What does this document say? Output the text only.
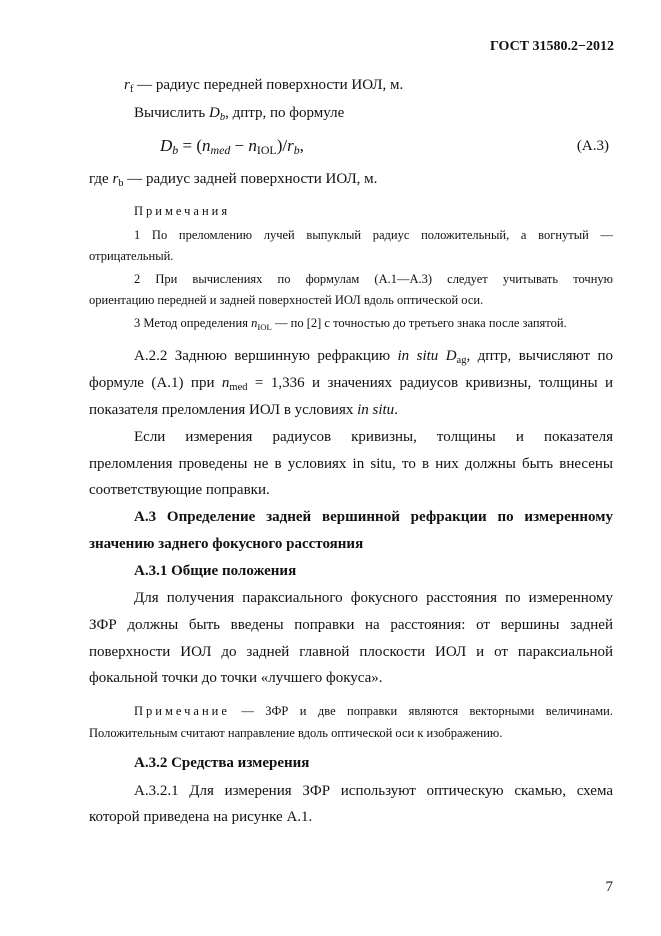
ГОСТ 31580.2−2012
$r_f$ — радиус передней поверхности ИОЛ, м.
Вычислить $D_b$, дптр, по формуле
$D_b = (n_{med} - n_{IOL})/r_b$,	(A.3)
где $r_b$ — радиус задней поверхности ИОЛ, м.
Примечания
1 По преломлению лучей выпуклый радиус положительный, а вогнутый —
отрицательный.
2 При вычислениях по формулам (А.1—А.3) следует учитывать точную
ориентацию передней и задней поверхностей ИОЛ вдоль оптической оси.
3 Метод определения $n_{IOL}$ — по [2] с точностью до третьего знака после запятой.
А.2.2 Заднюю вершинную рефракцию in situ $D_{ag}$, дптр, вычисляют по
формуле (А.1) при $n_{med} = 1,336$ и значениях радиусов кривизны, толщины и
показателя преломления ИОЛ в условиях in situ.
Если измерения радиусов кривизны, толщины и показателя
преломления проведены не в условиях in situ, то в них должны быть внесены
соответствующие поправки.
А.3 Определение задней вершинной рефракции по измеренному
значению заднего фокусного расстояния
А.3.1 Общие положения
Для получения параксиального фокусного расстояния по измеренному
ЗФР должны быть введены поправки на расстояния: от вершины задней
поверхности ИОЛ до задней главной плоскости ИОЛ и от параксиальной
фокальной точки до точки «лучшего фокуса».
Примечание — ЗФР и две поправки являются векторными величинами.
Положительным считают направление вдоль оптической оси к изображению.
А.3.2 Средства измерения
А.3.2.1 Для измерения ЗФР используют оптическую скамью, схема
которой приведена на рисунке А.1.
7
